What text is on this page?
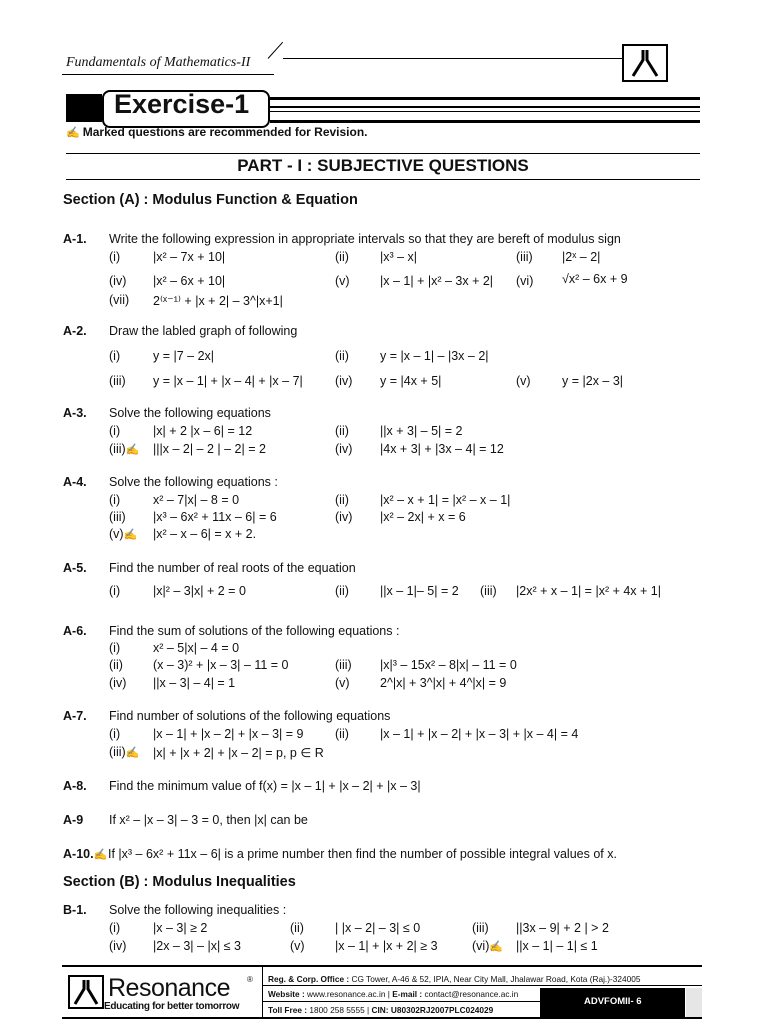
Fundamentals of Mathematics-II
Exercise-1
✍ Marked questions are recommended for Revision.
PART - I : SUBJECTIVE QUESTIONS
Section (A) : Modulus Function & Equation
A-1. Write the following expression in appropriate intervals so that they are bereft of modulus sign
(i)	|x² – 7x + 10|	(ii) |x³ – x|	(iii) |2ˣ – 2|
(iv) |x² – 6x + 10|	(v) |x – 1| + |x² – 3x + 2| (vi) √x² – 6x + 9
(vii) 2⁽ˣ⁻¹⁾ + |x + 2| – 3^|x+1|
A-2. Draw the labled graph of following
(i)	y = |7 – 2x|	(ii) y = |x – 1| – |3x – 2|
(iii) y = |x – 1| + |x – 4| + |x – 7|	(iv) y = |4x + 5|	(v)	y = |2x – 3|
A-3. Solve the following equations
(i)	|x| + 2 |x – 6| = 12	(ii) ||x + 3| – 5| = 2
(iii)✍ |||x – 2| – 2 | – 2| = 2	(iv) |4x + 3| + |3x – 4| = 12
A-4. Solve the following equations :
(i)	x² – 7|x| – 8 = 0	(ii) |x² – x + 1| = |x² – x – 1|
(iii) |x³ – 6x² + 11x – 6| = 6	(iv) |x² – 2x| + x = 6
(v)✍ |x² – x – 6| = x + 2.
A-5. Find the number of real roots of the equation
(i)	|x|² – 3|x| + 2 = 0	(ii) ||x – 1|– 5| = 2 (iii) |2x² + x – 1| = |x² + 4x + 1|
A-6. Find the sum of solutions of the following equations :
(i)	x² – 5|x| – 4 = 0
(ii) (x – 3)² + |x – 3| – 11 = 0	(iii) |x|³ – 15x² – 8|x| – 11 = 0
(iv) ||x – 3| – 4| = 1	(v) 2^|x| + 3^|x| + 4^|x| = 9
A-7. Find number of solutions of the following equations
(i)	|x – 1| + |x – 2| + |x – 3| = 9	(ii) |x – 1| + |x – 2| + |x – 3| + |x – 4| = 4
(iii)✍ |x| + |x + 2| + |x – 2| = p, p ∈ R
A-8. Find the minimum value of f(x) = |x – 1| + |x – 2| + |x – 3|
A-9 If x² – |x – 3| – 3 = 0, then |x| can be
A-10.✍ If |x³ – 6x² + 11x – 6| is a prime number then find the number of possible integral values of x.
Section (B) : Modulus Inequalities
B-1. Solve the following inequalities :
(i)	|x – 3| ≥ 2	(ii) | |x – 2| – 3| ≤ 0	(iii) ||3x – 9| + 2 | > 2
(iv) |2x – 3| – |x| ≤ 3	(v) |x – 1| + |x + 2| ≥ 3	(vi)✍ ||x – 1| – 1| ≤ 1
Resonance ®
Educating for better tomorrow
Reg. & Corp. Office : CG Tower, A-46 & 52, IPIA, Near City Mall, Jhalawar Road, Kota (Raj.)-324005
Website : www.resonance.ac.in | E-mail : contact@resonance.ac.in
Toll Free : 1800 258 5555 | CIN: U80302RJ2007PLC024029
ADVFOMII- 6
